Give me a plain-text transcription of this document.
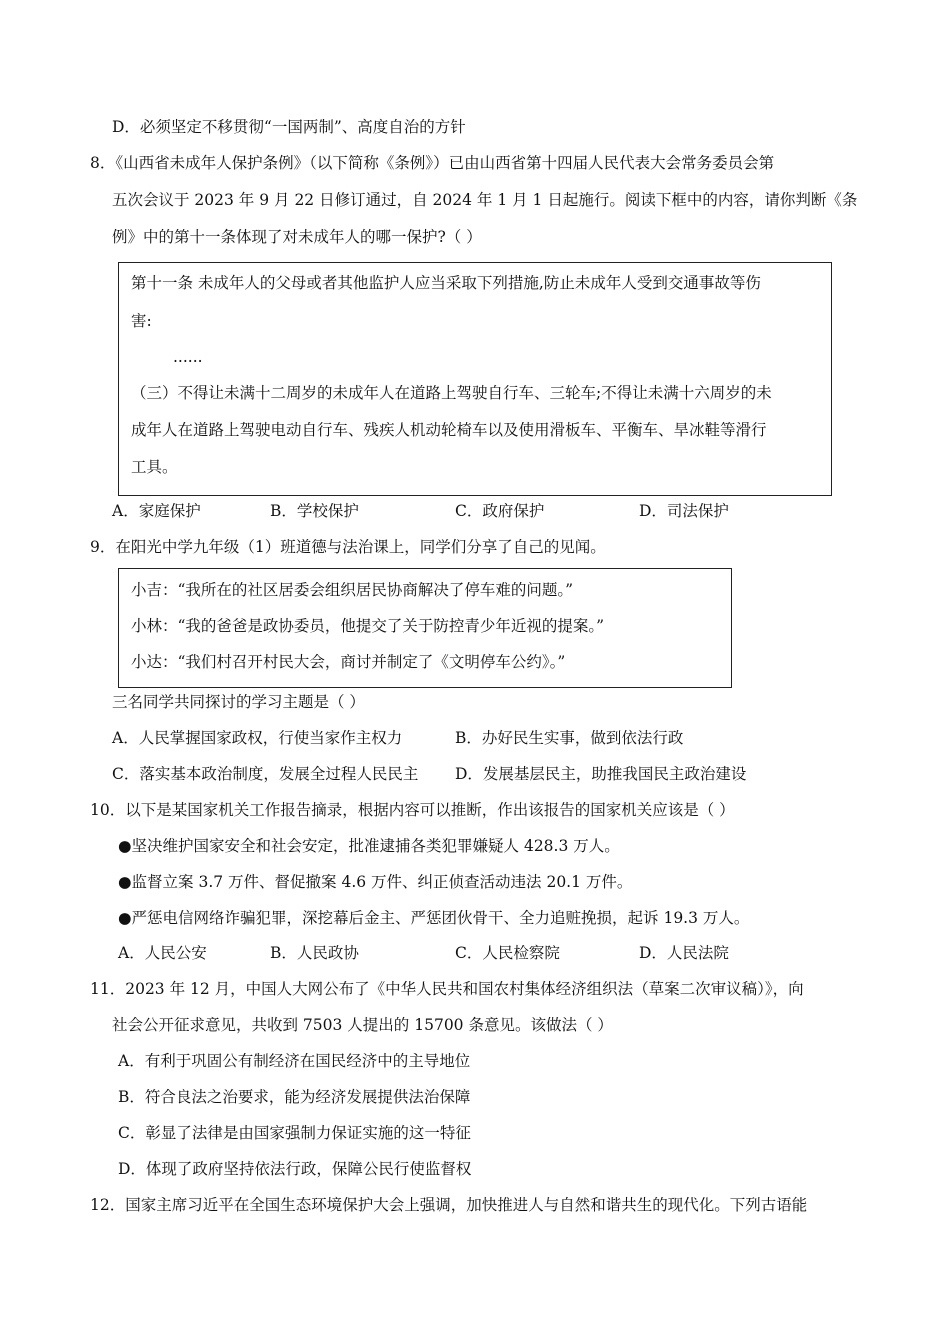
D．必须坚定不移贯彻“一国两制”、高度自治的方针
8．《山西省未成年人保护条例》（以下简称《条例》）已由山西省第十四届人民代表大会常务委员会第
五次会议于 2023 年 9 月 22 日修订通过，自 2024 年 1 月 1 日起施行。阅读下框中的内容，请你判断《条
例》中的第十一条体现了对未成年人的哪一保护?（ ）
第十一条 未成年人的父母或者其他监护人应当采取下列措施,防止未成年人受到交通事故等伤
害:
......
（三）不得让未满十二周岁的未成年人在道路上驾驶自行车、三轮车;不得让未满十六周岁的未
成年人在道路上驾驶电动自行车、残疾人机动轮椅车以及使用滑板车、平衡车、旱冰鞋等滑行
工具。
A．家庭保护	B．学校保护	C．政府保护	D．司法保护
9．在阳光中学九年级（1）班道德与法治课上，同学们分享了自己的见闻。
小吉：“我所在的社区居委会组织居民协商解决了停车难的问题。”
小林：“我的爸爸是政协委员，他提交了关于防控青少年近视的提案。”
小达：“我们村召开村民大会，商讨并制定了《文明停车公约》。”
三名同学共同探讨的学习主题是（ ）
A．人民掌握国家政权，行使当家作主权力	B．办好民生实事，做到依法行政
C．落实基本政治制度，发展全过程人民民主 D．发展基层民主，助推我国民主政治建设
10．以下是某国家机关工作报告摘录，根据内容可以推断，作出该报告的国家机关应该是（ ）
●坚决维护国家安全和社会安定，批准逮捕各类犯罪嫌疑人 428.3 万人。
●监督立案 3.7 万件、督促撤案 4.6 万件、纠正侦查活动违法 20.1 万件。
●严惩电信网络诈骗犯罪，深挖幕后金主、严惩团伙骨干、全力追赃挽损，起诉 19.3 万人。
A．人民公安	B．人民政协	C．人民检察院	D．人民法院
11．2023 年 12 月，中国人大网公布了《中华人民共和国农村集体经济组织法（草案二次审议稿）》，向
社会公开征求意见，共收到 7503 人提出的 15700 条意见。该做法（ ）
A．有利于巩固公有制经济在国民经济中的主导地位
B．符合良法之治要求，能为经济发展提供法治保障
C．彰显了法律是由国家强制力保证实施的这一特征
D．体现了政府坚持依法行政，保障公民行使监督权
12．国家主席习近平在全国生态环境保护大会上强调，加快推进人与自然和谐共生的现代化。下列古语能
